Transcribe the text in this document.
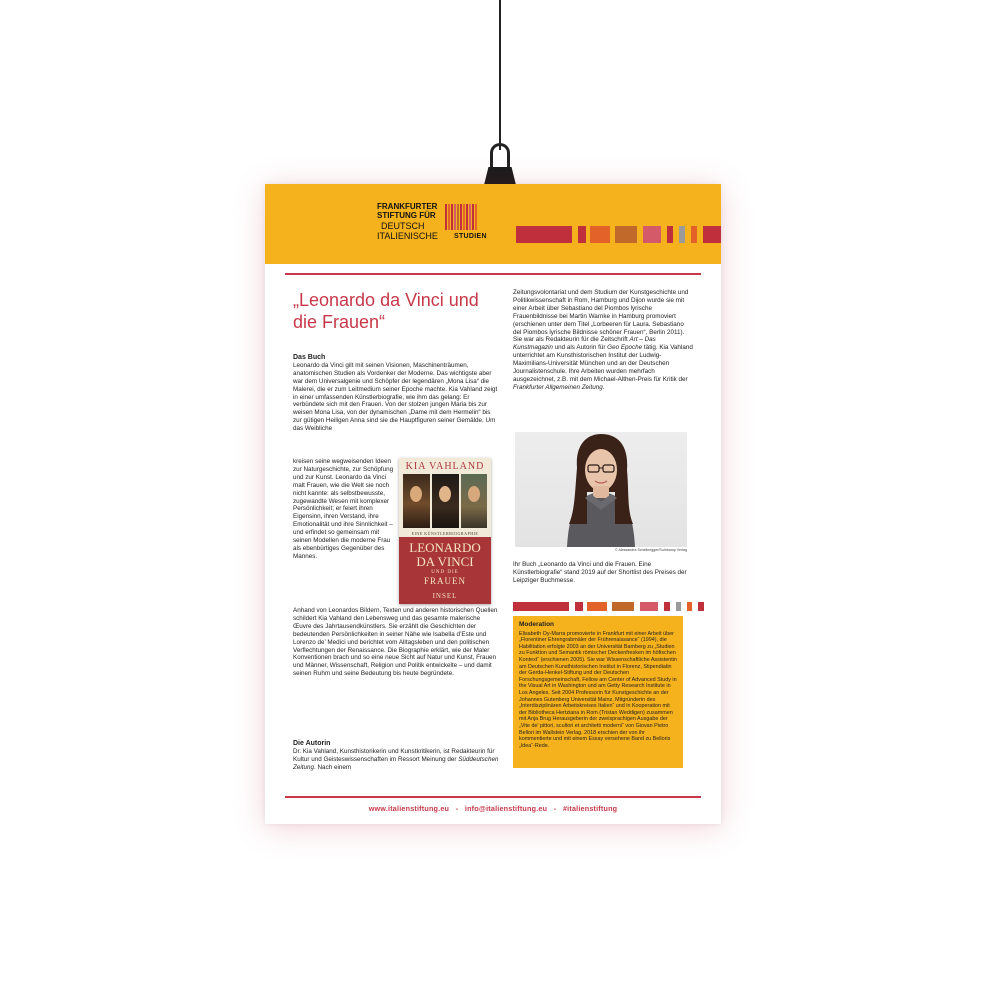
FRANKFURTER
STIFTUNG FÜR
DEUTSCH
ITALIENISCHE STUDIEN
„Leonardo da Vinci und die Frauen“
Das Buch
Leonardo da Vinci gilt mit seinen Visionen, Maschinenträumen, anatomischen Studien als Vordenker der Moderne. Das wichtigste aber war dem Universalgenie und Schöpfer der legendären „Mona Lisa“ die Malerei, die er zum Leitmedium seiner Epoche machte. Kia Vahland zeigt in einer umfassenden Künstlerbiografie, wie ihm das gelang: Er verbündete sich mit den Frauen. Von der stolzen jungen Maria bis zur weisen Mona Lisa, von der dynamischen „Dame mit dem Hermelin“ bis zur gütigen Heiligen Anna sind sie die Hauptfiguren seiner Gemälde. Um das Weibliche
kreisen seine wegweisenden Ideen zur Naturgeschichte, zur Schöpfung und zur Kunst. Leonardo da Vinci malt Frauen, wie die Welt sie noch nicht kannte: als selbstbewusste, zugewandte Wesen mit komplexer Persönlichkeit; er feiert ihren Eigensinn, ihren Verstand, ihre Emotionalität und ihre Sinnlichkeit – und erfindet so gemeinsam mit seinen Modellen die moderne Frau als ebenbürtiges Gegenüber des Mannes.
Anhand von Leonardos Bildern, Texten und anderen historischen Quellen schildert Kia Vahland den Lebensweg und das gesamte malerische Œuvre des Jahrtausendkünstlers. Sie erzählt die Geschichten der bedeutenden Persönlichkeiten in seiner Nähe wie Isabella d’Este und Lorenzo de’ Medici und berichtet vom Alltagsleben und den politischen Verflechtungen der Renaissance. Die Biographie erklärt, wie der Maler Konventionen brach und so eine neue Sicht auf Natur und Kunst, Frauen und Männer, Wissenschaft, Religion und Politik entwickelte – und damit seinen Ruhm und seine Bedeutung bis heute begründete.
Die Autorin
Dr. Kia Vahland, Kunsthistorikerin und Kunstkritikerin, ist Redakteurin für Kultur und Geisteswissenschaften im Ressort Meinung der Süddeutschen Zeitung. Nach einem
KIA VAHLAND
EINE KÜNSTLERBIOGRAPHIE
LEONARDO
DA VINCI
UND DIE
FRAUEN
INSEL
Zeitungsvolontariat und dem Studium der Kunstgeschichte und Politikwissenschaft in Rom, Hamburg und Dijon wurde sie mit einer Arbeit über Sebastiano del Piombos lyrische Frauenbildnisse bei Martin Warnke in Hamburg promoviert (erschienen unter dem Titel „Lorbeeren für Laura. Sebastiano del Piombos lyrische Bildnisse schöner Frauen“, Berlin 2011). Sie war als Redakteurin für die Zeitschrift Art – Das Kunstmagazin und als Autorin für Geo Epoche tätig. Kia Vahland unterrichtet am Kunsthistorischen Institut der Ludwig-Maximilians-Universität München und an der Deutschen Journalistenschule. Ihre Arbeiten wurden mehrfach ausgezeichnet, z.B. mit dem Michael-Althen-Preis für Kritik der Frankfurter Allgemeinen Zeitung.
© Alessandra Schellnegger/Suhrkamp Verlag
Ihr Buch „Leonardo da Vinci und die Frauen. Eine Künstlerbiografie“ stand 2019 auf der Shortlist des Preises der Leipziger Buchmesse.
Moderation
Elisabeth Oy-Marra promovierte in Frankfurt mit einer Arbeit über „Florentiner Ehrengrabmäler der Frührenaissance“ (1994), die Habilitation erfolgte 2003 an der Universität Bamberg zu „Studien zu Funktion und Semantik römischer Deckenfresken im höfischen Kontext“ (erschienen 2005). Sie war Wissenschaftliche Assistentin am Deutschen Kunsthistorischen Institut in Florenz, Stipendiatin der Gerda-Henkel-Stiftung und der Deutschen Forschungsgemeinschaft, Fellow am Center of Advanced Study in the Visual Art in Washington und am Getty Research Institute in Los Angeles. Seit 2004 Professorin für Kunstgeschichte an der Johannes Gutenberg Universität Mainz. Mitgründerin des „Interdisziplinären Arbeitskreises Italien“ und in Kooperation mit der Bibliotheca Hertziana in Rom (Tristan Weddigen) zusammen mit Anja Brug Herausgeberin der zweisprachigen Ausgabe der „Vite de' pittori, scultori et architetti moderni“ von Giovan Pietro Bellori im Wallstein Verlag. 2018 erschien der von ihr kommentierte und mit einem Essay versehene Band zu Belloris „Idea“-Rede.
www.italienstiftung.eu   -   info@italienstiftung.eu   -   #italienstiftung
